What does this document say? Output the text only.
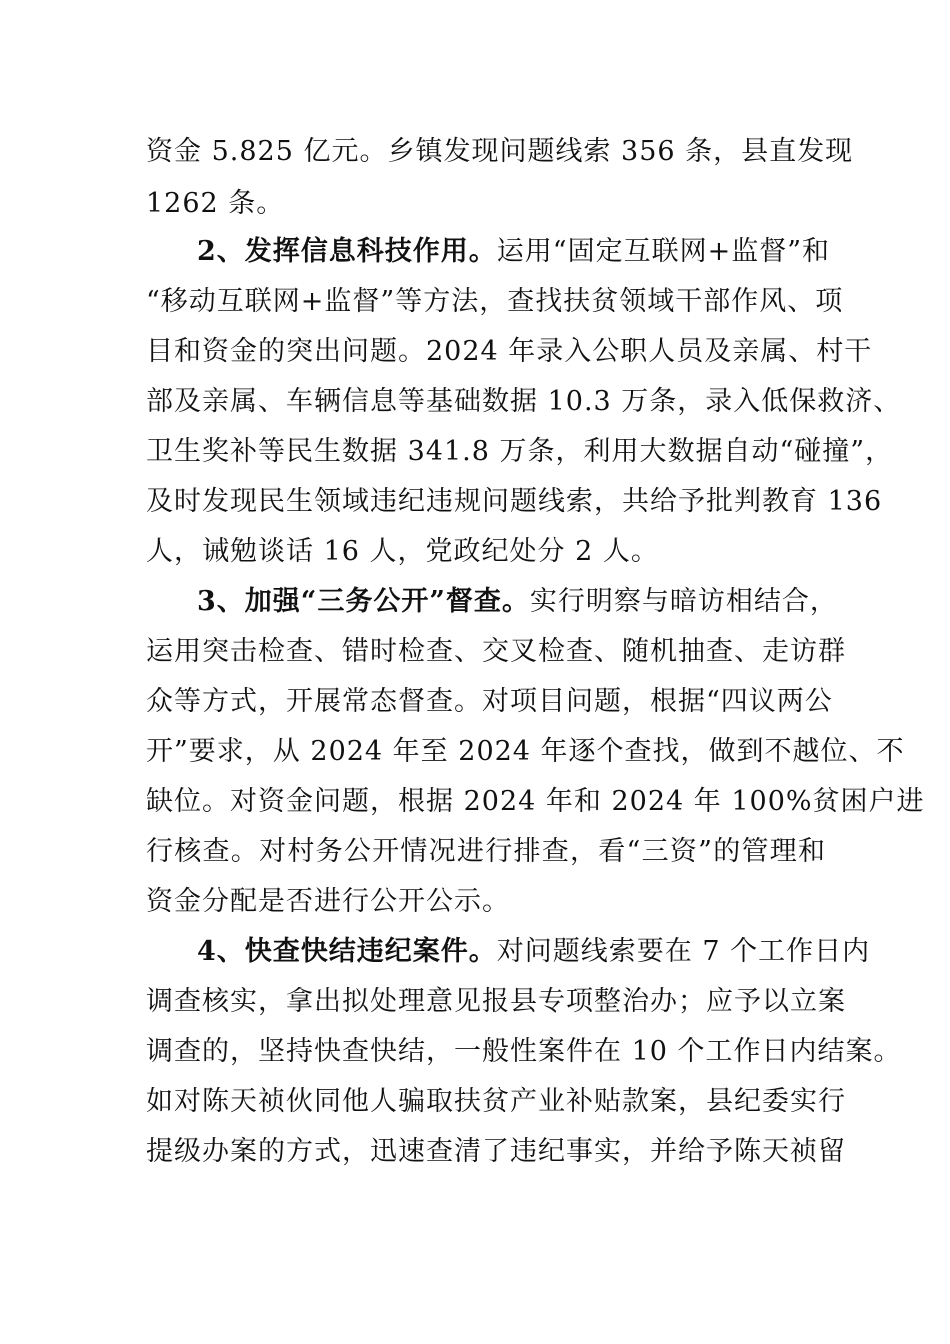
资金 5.825 亿元。乡镇发现问题线索 356 条，县直发现
1262 条。
2、发挥信息科技作用。运用“固定互联网+监督”和
“移动互联网+监督”等方法，查找扶贫领域干部作风、项
目和资金的突出问题。2024 年录入公职人员及亲属、村干
部及亲属、车辆信息等基础数据 10.3 万条，录入低保救济、
卫生奖补等民生数据 341.8 万条，利用大数据自动“碰撞”，
及时发现民生领域违纪违规问题线索，共给予批判教育 136
人，诫勉谈话 16 人，党政纪处分 2 人。
3、加强“三务公开”督查。实行明察与暗访相结合，
运用突击检查、错时检查、交叉检查、随机抽查、走访群
众等方式，开展常态督查。对项目问题，根据“四议两公
开”要求，从 2024 年至 2024 年逐个查找，做到不越位、不
缺位。对资金问题，根据 2024 年和 2024 年 100%贫困户进
行核查。对村务公开情况进行排查，看“三资”的管理和
资金分配是否进行公开公示。
4、快查快结违纪案件。对问题线索要在 7 个工作日内
调查核实，拿出拟处理意见报县专项整治办；应予以立案
调查的，坚持快查快结，一般性案件在 10 个工作日内结案。
如对陈天祯伙同他人骗取扶贫产业补贴款案，县纪委实行
提级办案的方式，迅速查清了违纪事实，并给予陈天祯留
